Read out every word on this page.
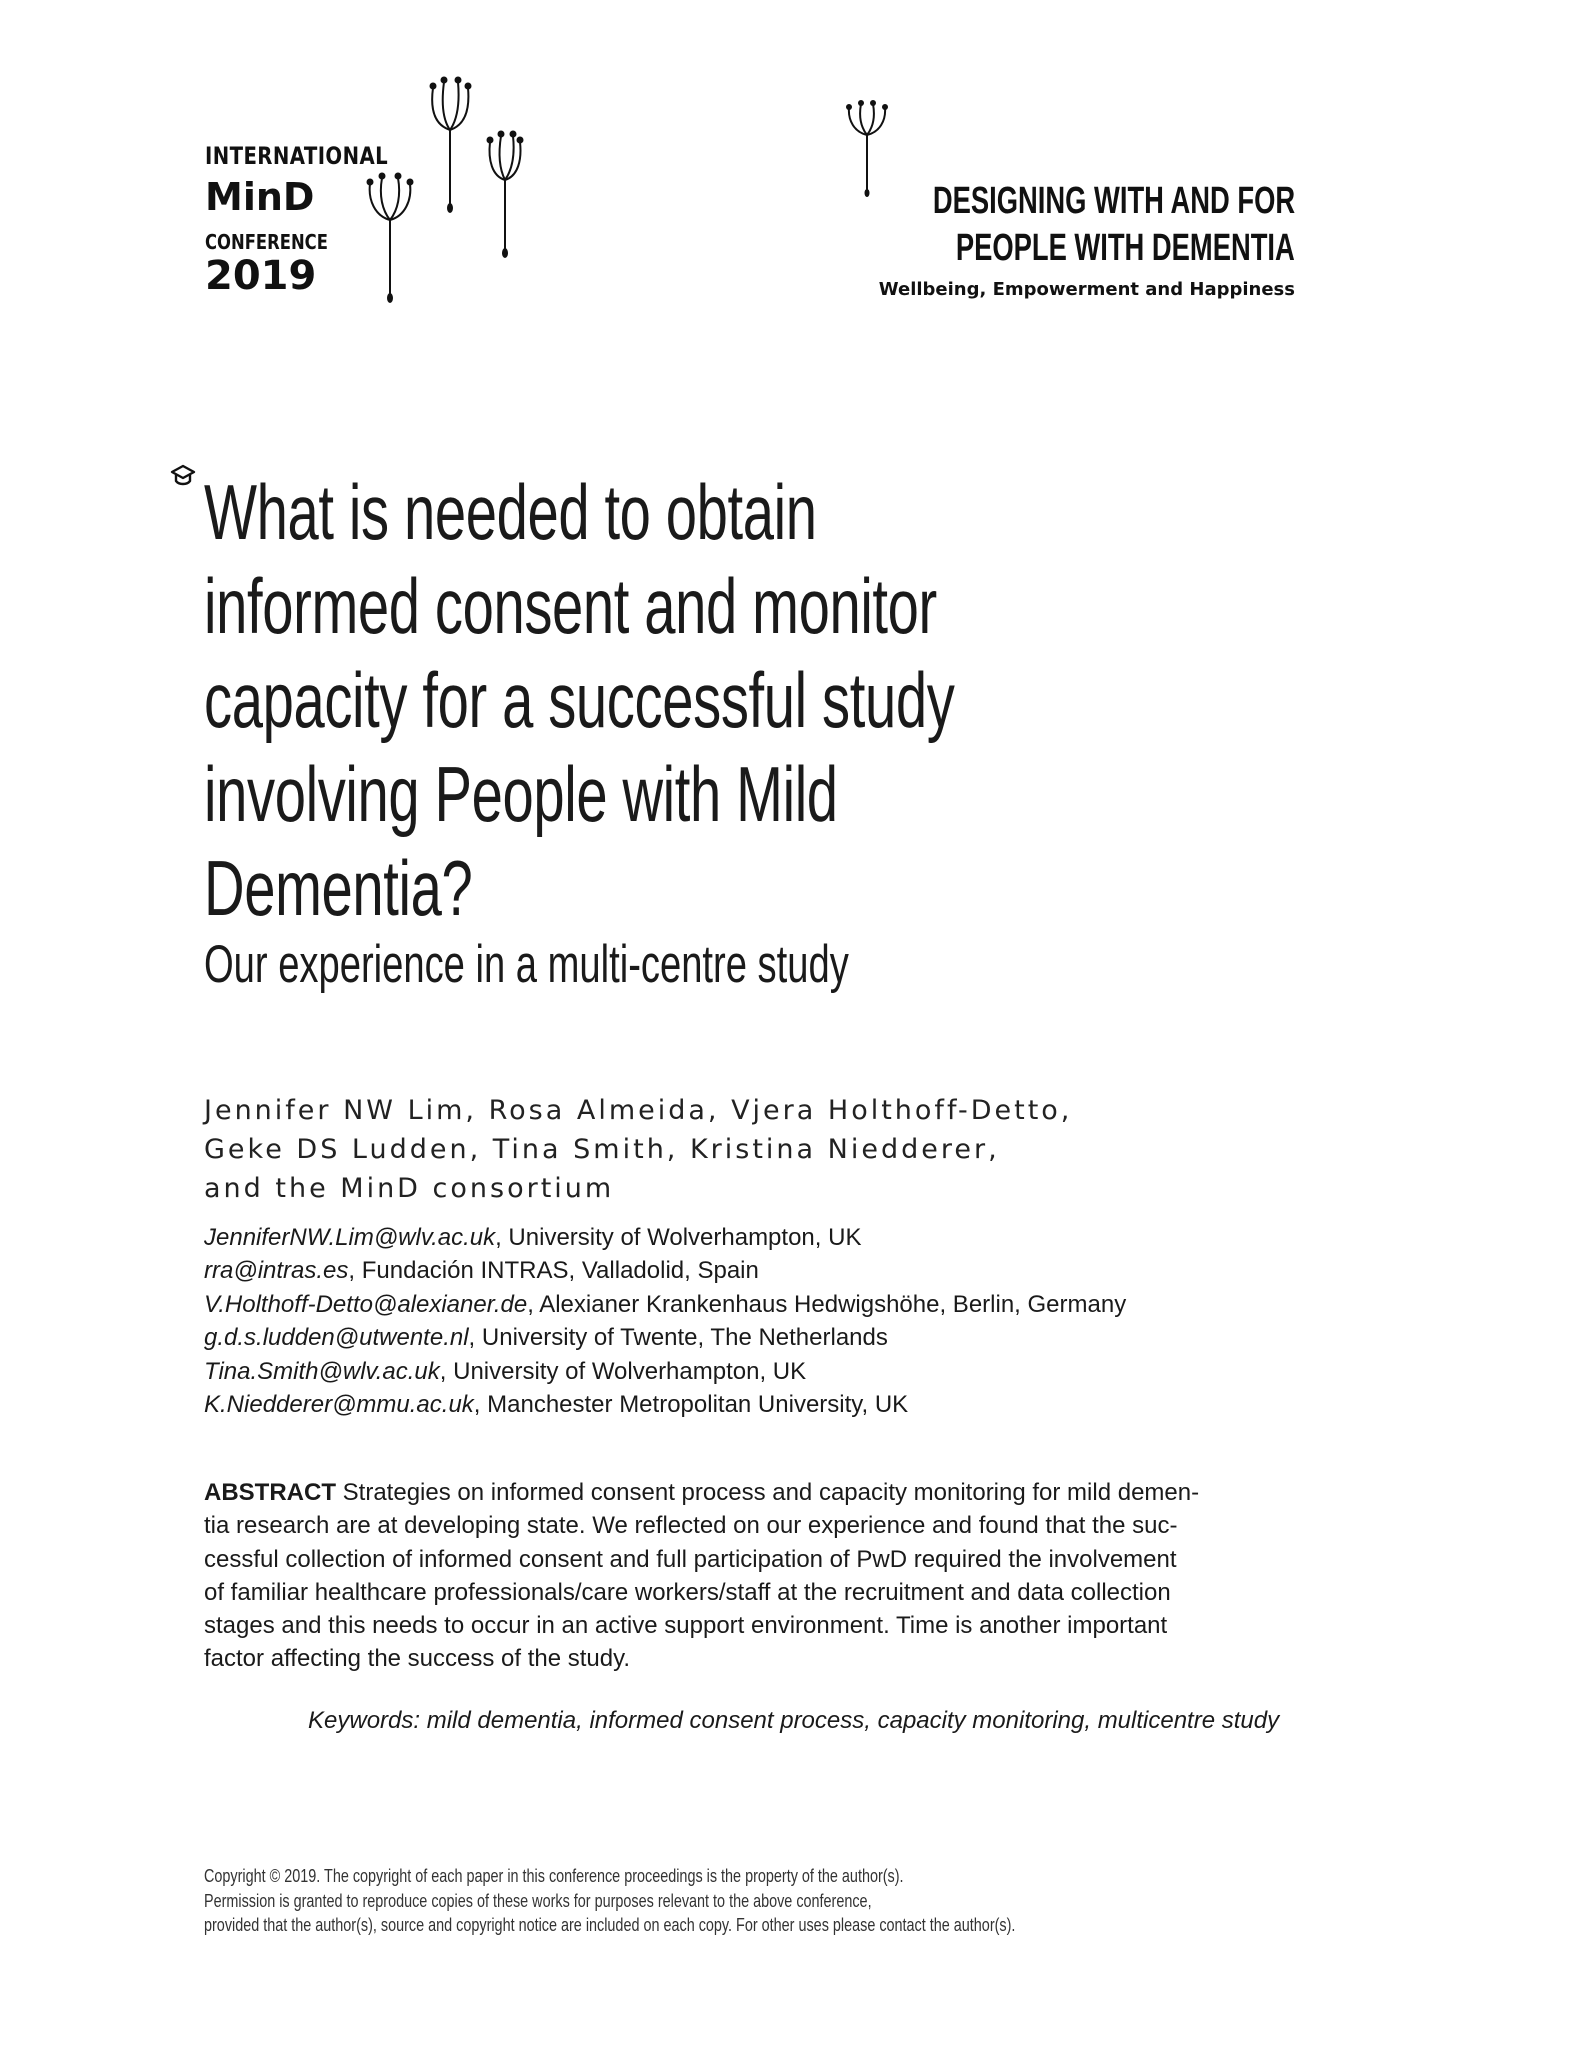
INTERNATIONAL
MinD
CONFERENCE
2019
DESIGNING WITH AND FOR
PEOPLE WITH DEMENTIA
Wellbeing, Empowerment and Happiness
What is needed to obtain
informed consent and monitor
capacity for a successful study
involving People with Mild
Dementia?
Our experience in a multi-centre study
Jennifer NW Lim, Rosa Almeida, Vjera Holthoff-Detto,
Geke DS Ludden, Tina Smith, Kristina Niedderer,
and the MinD consortium
JenniferNW.Lim@wlv.ac.uk, University of Wolverhampton, UK
rra@intras.es, Fundación INTRAS, Valladolid, Spain
V.Holthoff-Detto@alexianer.de, Alexianer Krankenhaus Hedwigshöhe, Berlin, Germany
g.d.s.ludden@utwente.nl, University of Twente, The Netherlands
Tina.Smith@wlv.ac.uk, University of Wolverhampton, UK
K.Niedderer@mmu.ac.uk, Manchester Metropolitan University, UK
ABSTRACT Strategies on informed consent process and capacity monitoring for mild demen-
tia research are at developing state. We reflected on our experience and found that the suc-
cessful collection of informed consent and full participation of PwD required the involvement
of familiar healthcare professionals/care workers/staff at the recruitment and data collection
stages and this needs to occur in an active support environment. Time is another important
factor affecting the success of the study.
Keywords: mild dementia, informed consent process, capacity monitoring, multicentre study
Copyright © 2019. The copyright of each paper in this conference proceedings is the property of the author(s).
Permission is granted to reproduce copies of these works for purposes relevant to the above conference,
provided that the author(s), source and copyright notice are included on each copy. For other uses please contact the author(s).
